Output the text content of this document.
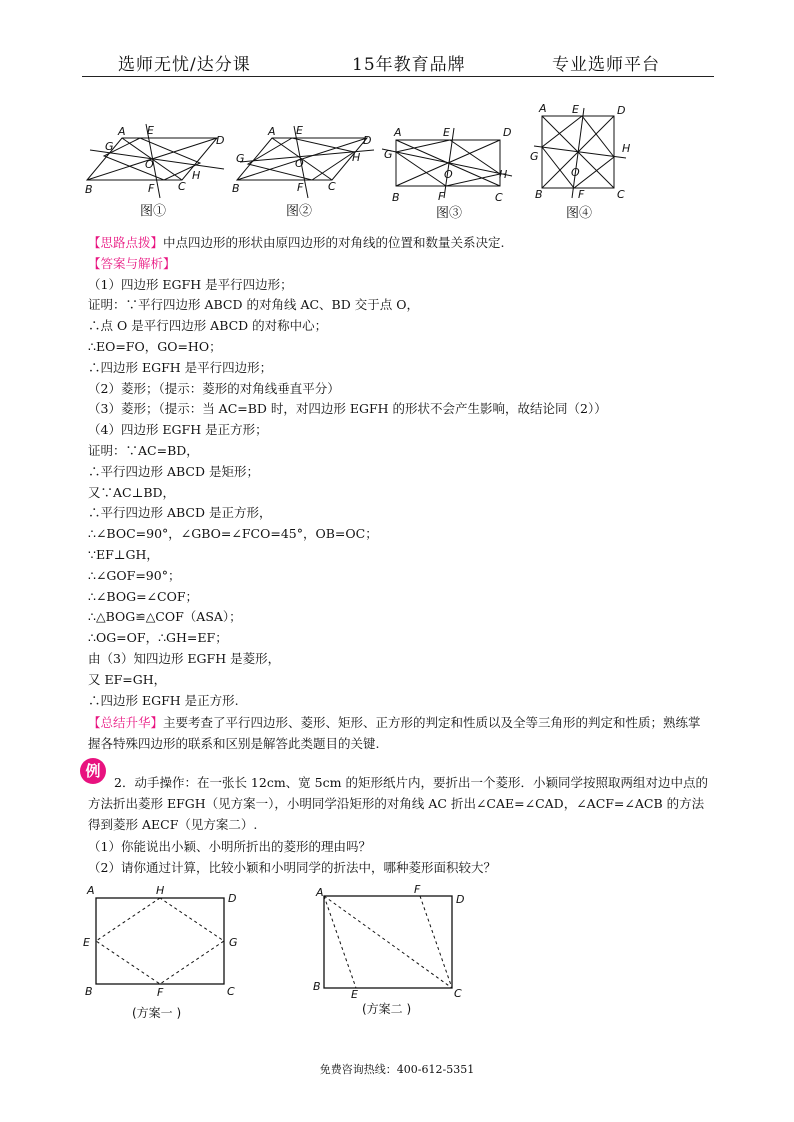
选师无忧/达分课	15年教育品牌	专业选师平台
A E
D
G
O
H
B	F C
图①
A E
D
G	O	H
B	F C
图②
A	E	D
G
O	H
B	F	C
图③
A E	D
G
O
H
B	F	C
图④
【思路点拨】中点四边形的形状由原四边形的对角线的位置和数量关系决定.
【答案与解析】
（1）四边形 EGFH 是平行四边形；
证明：∵平行四边形 ABCD 的对角线 AC、BD 交于点 O，
∴点 O 是平行四边形 ABCD 的对称中心；
∴EO=FO，GO=HO；
∴四边形 EGFH 是平行四边形；
（2）菱形；（提示：菱形的对角线垂直平分）
（3）菱形；（提示：当 AC=BD 时，对四边形 EGFH 的形状不会产生影响，故结论同（2））
（4）四边形 EGFH 是正方形；
证明：∵AC=BD，
∴平行四边形 ABCD 是矩形；
又∵AC⊥BD，
∴平行四边形 ABCD 是正方形，
∴∠BOC=90°，∠GBO=∠FCO=45°，OB=OC；
∵EF⊥GH，
∴∠GOF=90°；
∴∠BOG=∠COF；
∴△BOG≌△COF（ASA）；
∴OG=OF，∴GH=EF；
由（3）知四边形 EGFH 是菱形，
又 EF=GH，
∴四边形 EGFH 是正方形.
【总结升华】主要考查了平行四边形、菱形、矩形、正方形的判定和性质以及全等三角形的判定和性质；熟练掌握各特殊四边形的联系和区别是解答此类题目的关键.
例
2．动手操作：在一张长 12cm、宽 5cm 的矩形纸片内，要折出一个菱形．小颖同学按照取两组对边中点的方法折出菱形 EFGH（见方案一），小明同学沿矩形的对角线 AC 折出∠CAE=∠CAD，∠ACF=∠ACB 的方法得到菱形 AECF（见方案二）.
（1）你能说出小颖、小明所折出的菱形的理由吗？
（2）请你通过计算，比较小颖和小明同学的折法中，哪种菱形面积较大？
A	H
D
E	G
B	F	C
(方案一 )
A	F
D
B
E	C
(方案二 )
免费咨询热线：400-612-5351
